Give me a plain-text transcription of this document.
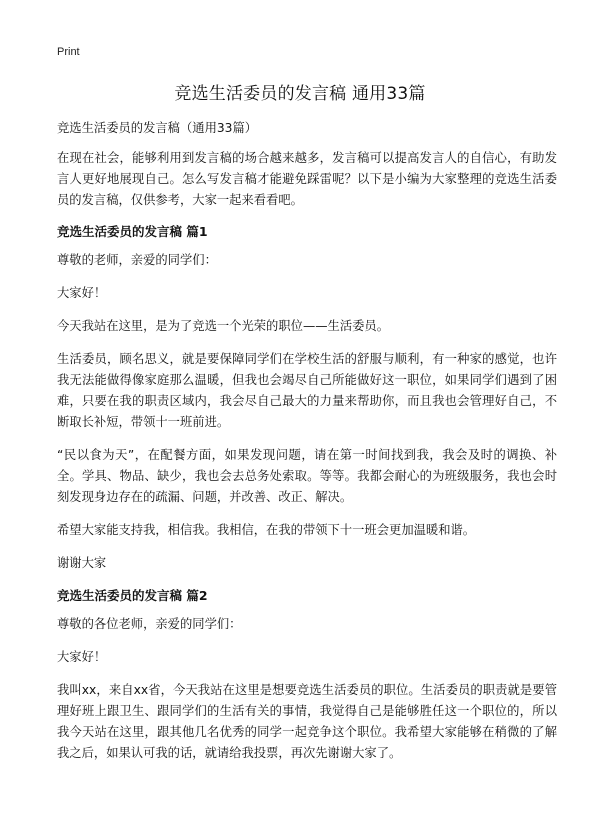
Print
竞选生活委员的发言稿 通用33篇

竞选生活委员的发言稿（通用33篇）

在现在社会，能够利用到发言稿的场合越来越多，发言稿可以提高发言人的自信心，有助发言人更好地展现自己。怎么写发言稿才能避免踩雷呢？以下是小编为大家整理的竞选生活委员的发言稿，仅供参考，大家一起来看看吧。

竞选生活委员的发言稿 篇1

尊敬的老师，亲爱的同学们：

大家好！

今天我站在这里，是为了竞选一个光荣的职位——生活委员。

生活委员，顾名思义，就是要保障同学们在学校生活的舒服与顺利，有一种家的感觉，也许我无法能做得像家庭那么温暖，但我也会竭尽自己所能做好这一职位，如果同学们遇到了困难，只要在我的职责区域内，我会尽自己最大的力量来帮助你，而且我也会管理好自己，不断取长补短，带领十一班前进。

“民以食为天”，在配餐方面，如果发现问题，请在第一时间找到我，我会及时的调换、补全。学具、物品、缺少，我也会去总务处索取。等等。我都会耐心的为班级服务，我也会时刻发现身边存在的疏漏、问题，并改善、改正、解决。

希望大家能支持我，相信我。我相信，在我的带领下十一班会更加温暖和谐。

谢谢大家

竞选生活委员的发言稿 篇2

尊敬的各位老师，亲爱的同学们：

大家好！

我叫xx，来自xx省，今天我站在这里是想要竞选生活委员的职位。生活委员的职责就是要管理好班上跟卫生、跟同学们的生活有关的事情，我觉得自己是能够胜任这一个职位的，所以我今天站在这里，跟其他几名优秀的同学一起竞争这个职位。我希望大家能够在稍微的了解我之后，如果认可我的话，就请给我投票，再次先谢谢大家了。
